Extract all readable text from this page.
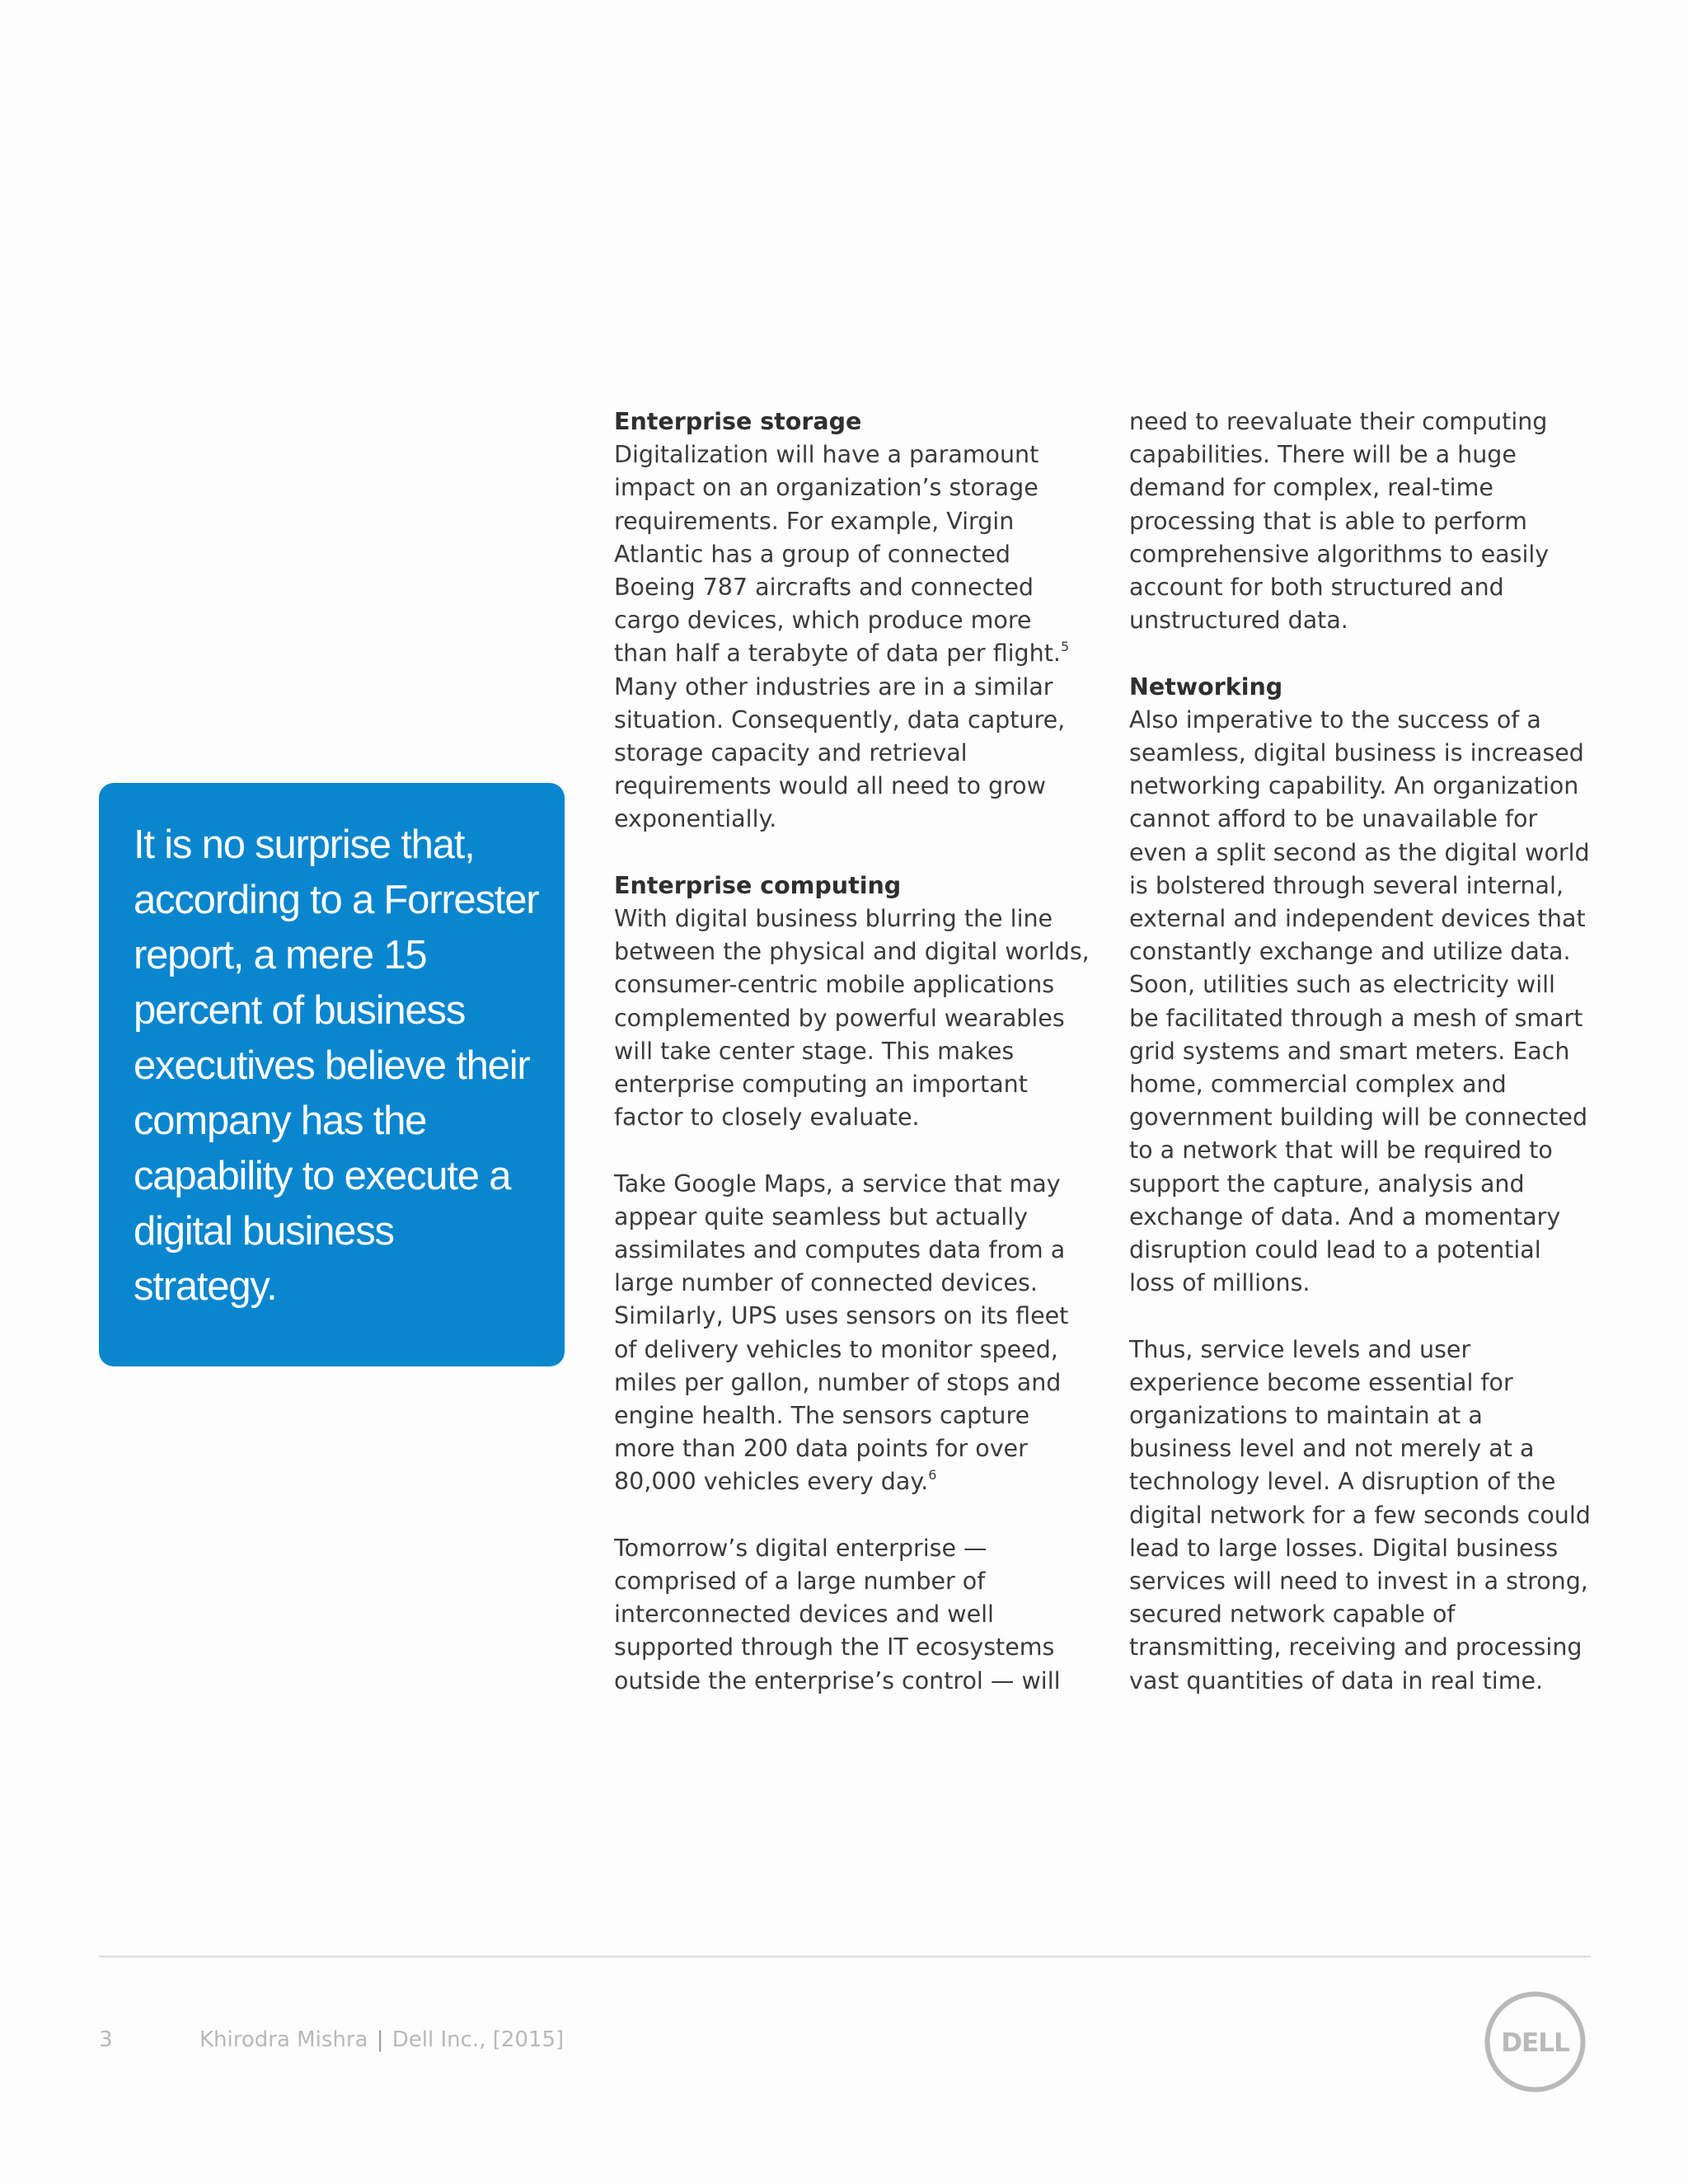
It is no surprise that, according to a Forrester report, a mere 15 percent of business executives believe their company has the capability to execute a digital business strategy.

Enterprise storage

Digitalization will have a paramount impact on an organization’s storage requirements. For example, Virgin Atlantic has a group of connected Boeing 787 aircrafts and connected cargo devices, which produce more than half a terabyte of data per flight.$^5$ Many other industries are in a similar situation. Consequently, data capture, storage capacity and retrieval requirements would all need to grow exponentially.

Enterprise computing

With digital business blurring the line between the physical and digital worlds, consumer-centric mobile applications complemented by powerful wearables will take center stage. This makes enterprise computing an important factor to closely evaluate.

Take Google Maps, a service that may appear quite seamless but actually assimilates and computes data from a large number of connected devices. Similarly, UPS uses sensors on its fleet of delivery vehicles to monitor speed, miles per gallon, number of stops and engine health. The sensors capture more than 200 data points for over 80,000 vehicles every day.$^6$

Tomorrow’s digital enterprise — comprised of a large number of interconnected devices and well supported through the IT ecosystems outside the enterprise’s control — will

need to reevaluate their computing capabilities. There will be a huge demand for complex, real-time processing that is able to perform comprehensive algorithms to easily account for both structured and unstructured data.

Networking

Also imperative to the success of a seamless, digital business is increased networking capability. An organization cannot afford to be unavailable for even a split second as the digital world is bolstered through several internal, external and independent devices that constantly exchange and utilize data. Soon, utilities such as electricity will be facilitated through a mesh of smart grid systems and smart meters. Each home, commercial complex and government building will be connected to a network that will be required to support the capture, analysis and exchange of data. And a momentary disruption could lead to a potential loss of millions.

Thus, service levels and user experience become essential for organizations to maintain at a business level and not merely at a technology level. A disruption of the digital network for a few seconds could lead to large losses. Digital business services will need to invest in a strong, secured network capable of transmitting, receiving and processing vast quantities of data in real time.

3	Khirodra Mishra | Dell Inc., [2015]	DELL
